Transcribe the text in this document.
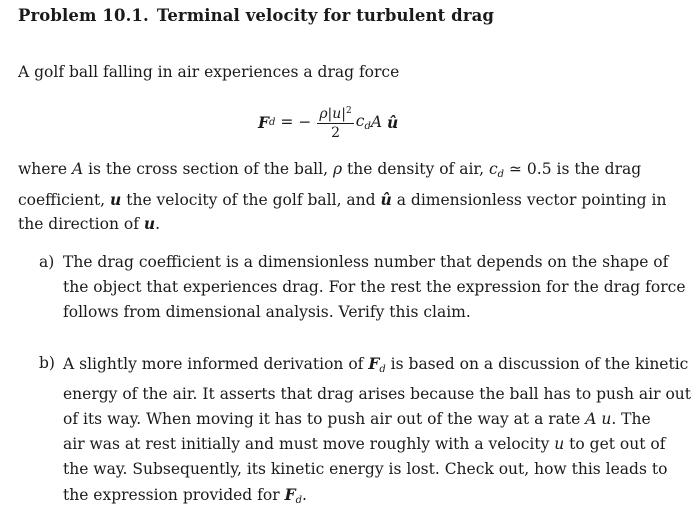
Problem 10.1. Terminal velocity for turbulent drag
A golf ball falling in air experiences a drag force
F d = − $\frac{\rho|u|^2}{2} c_d$ A û
where A is the cross section of the ball, ρ the density of air, $c_d$ ≃ 0.5 is the drag
coefficient, u the velocity of the golf ball, and û a dimensionless vector pointing in
the direction of u.
a) The drag coefficient is a dimensionless number that depends on the shape of
the object that experiences drag. For the rest the expression for the drag force
follows from dimensional analysis. Verify this claim.
b) A slightly more informed derivation of $F_d$ is based on a discussion of the kinetic
energy of the air. It asserts that drag arises because the ball has to push air out
of its way. When moving it has to push air out of the way at a rate A u. The
air was at rest initially and must move roughly with a velocity u to get out of
the way. Subsequently, its kinetic energy is lost. Check out, how this leads to
the expression provided for $F_d$.
